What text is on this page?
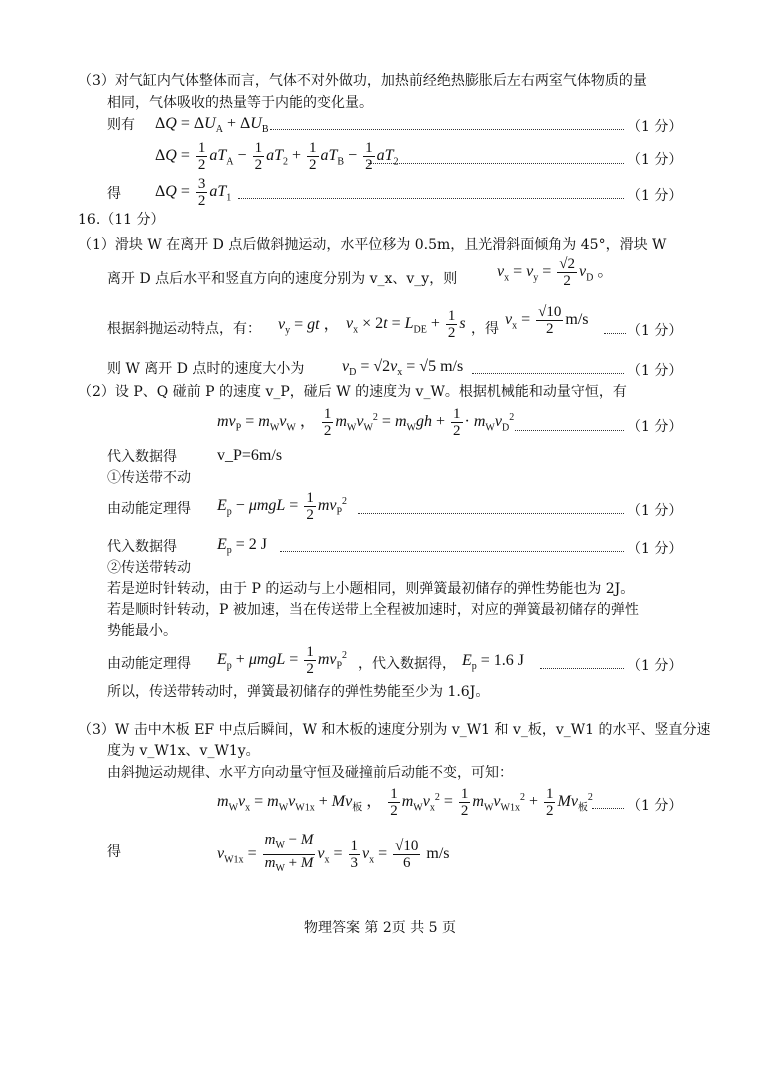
（3）对气缸内气体整体而言，气体不对外做功，加热前经绝热膨胀后左右两室气体物质的量
相同，气体吸收的热量等于内能的变化量。
则有 $\Delta Q = \Delta U_A + \Delta U_B$	（1 分）
$\Delta Q = \frac{1}{2} aT_A - \frac{1}{2} aT_2 + \frac{1}{2} aT_B - \frac{1}{2} aT_2$	（1 分）
得 $\Delta Q = \frac{3}{2} aT_1$	（1 分）
16.（11 分）
（1）滑块 W 在离开 D 点后做斜抛运动，水平位移为 0.5m，且光滑斜面倾角为 45°，滑块 W
离开 D 点后水平和竖直方向的速度分别为 v_x、v_y，则 $v_x = v_y = \frac{√2}{2} v_D$ 。
根据斜抛运动特点，有： $v_y$ = gt ， $v_x \times 2t = L_{DE} + \frac{1}{2}$ s ，得
$v_x = \frac{√10}{2} m/s$
（1 分）
则 W 离开 D 点时的速度大小为 $v_D = √2v_x = √5$ m/s	（1 分）
（2）设 P、Q 碰前 P 的速度 v_P，碰后 W 的速度为 v_W。根据机械能和动量守恒，有
$mv_P = m_Wv_W$ ， $\frac{1}{2} m_Wv_W^2 = m_Wgh + \frac{1}{2} \cdot m_Wv_D^2$
（1 分）
代入数据得	v_P=6m/s
①传送带不动
由动能定理得 $E_p - \mu mgL = \frac{1}{2} mv_P^2$
（1 分）
代入数据得	$E_p = 2$ J	（1 分）
②传送带转动
若是逆时针转动，由于 P 的运动与上小题相同，则弹簧最初储存的弹性势能也为 2J。
若是顺时针转动，P 被加速，当在传送带上全程被加速时，对应的弹簧最初储存的弹性
势能最小。
由动能定理得 $E_p + \mu mgL = \frac{1}{2} mv_P^2$
，代入数据得， $E_p = 1.6$ J	（1 分）
所以，传送带转动时，弹簧最初储存的弹性势能至少为 1.6J。
（3）W 击中木板 EF 中点后瞬间，W 和木板的速度分别为 v_W1 和 v_板，v_W1 的水平、竖直分速
度为 v_W1x、v_W1y。
由斜抛运动规律、水平方向动量守恒及碰撞前后动能不变，可知：
$m_Wv_x = m_Wv_{W1x} + Mv_板$ ， $\frac{1}{2} m_Wv_x^2 = \frac{1}{2} m_Wv_{W1x}^2 + \frac{1}{2} Mv_板^2$
（1 分）
得	$v_{W1x} = \frac{m_W - M}{m_W + M} v_x = \frac{1}{3} v_x = \frac{√10}{6} m/s$
物理答案 第 2页 共 5 页
